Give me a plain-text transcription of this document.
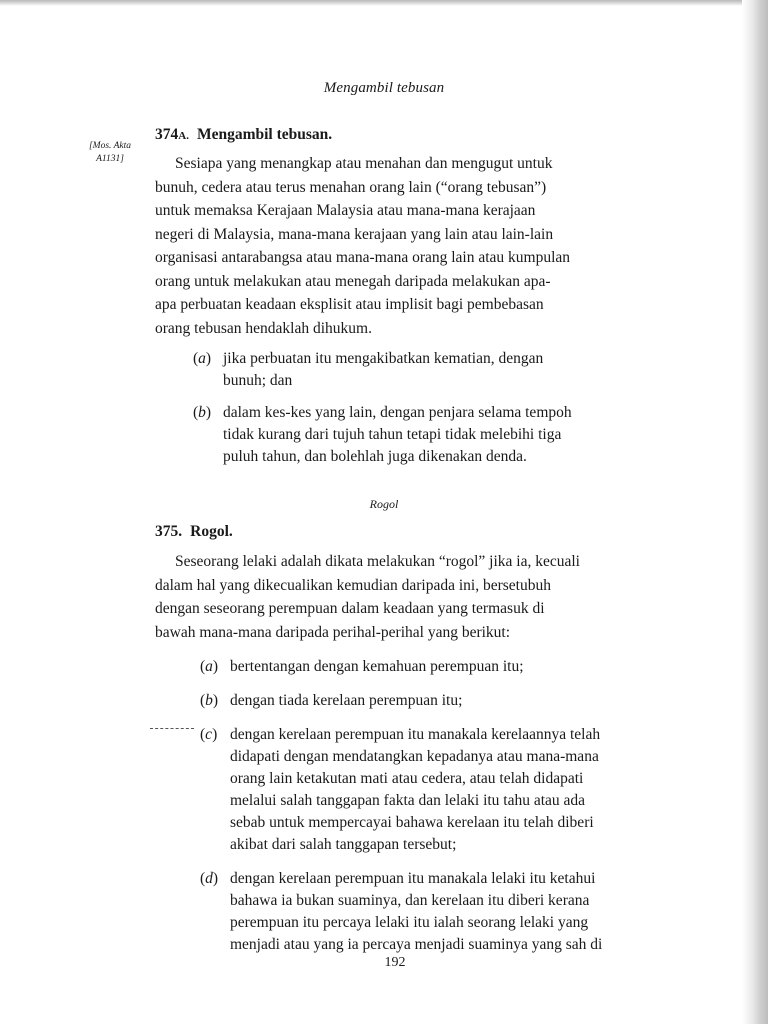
Mengambil tebusan
[Mos. Akta
A1131]
374A. Mengambil tebusan.
Sesiapa yang menangkap atau menahan dan mengugut untuk
bunuh, cedera atau terus menahan orang lain (“orang tebusan”)
untuk memaksa Kerajaan Malaysia atau mana-mana kerajaan
negeri di Malaysia, mana-mana kerajaan yang lain atau lain-lain
organisasi antarabangsa atau mana-mana orang lain atau kumpulan
orang untuk melakukan atau menegah daripada melakukan apa-
apa perbuatan keadaan eksplisit atau implisit bagi pembebasan
orang tebusan hendaklah dihukum.
(a) jika perbuatan itu mengakibatkan kematian, dengan
bunuh; dan
(b) dalam kes-kes yang lain, dengan penjara selama tempoh
tidak kurang dari tujuh tahun tetapi tidak melebihi tiga
puluh tahun, dan bolehlah juga dikenakan denda.
Rogol
375. Rogol.
Seseorang lelaki adalah dikata melakukan “rogol” jika ia, kecuali
dalam hal yang dikecualikan kemudian daripada ini, bersetubuh
dengan seseorang perempuan dalam keadaan yang termasuk di
bawah mana-mana daripada perihal-perihal yang berikut:
(a) bertentangan dengan kemahuan perempuan itu;
(b) dengan tiada kerelaan perempuan itu;
(c) dengan kerelaan perempuan itu manakala kerelaannya telah
didapati dengan mendatangkan kepadanya atau mana-mana
orang lain ketakutan mati atau cedera, atau telah didapati
melalui salah tanggapan fakta dan lelaki itu tahu atau ada
sebab untuk mempercayai bahawa kerelaan itu telah diberi
akibat dari salah tanggapan tersebut;
(d) dengan kerelaan perempuan itu manakala lelaki itu ketahui
bahawa ia bukan suaminya, dan kerelaan itu diberi kerana
perempuan itu percaya lelaki itu ialah seorang lelaki yang
menjadi atau yang ia percaya menjadi suaminya yang sah di
192
